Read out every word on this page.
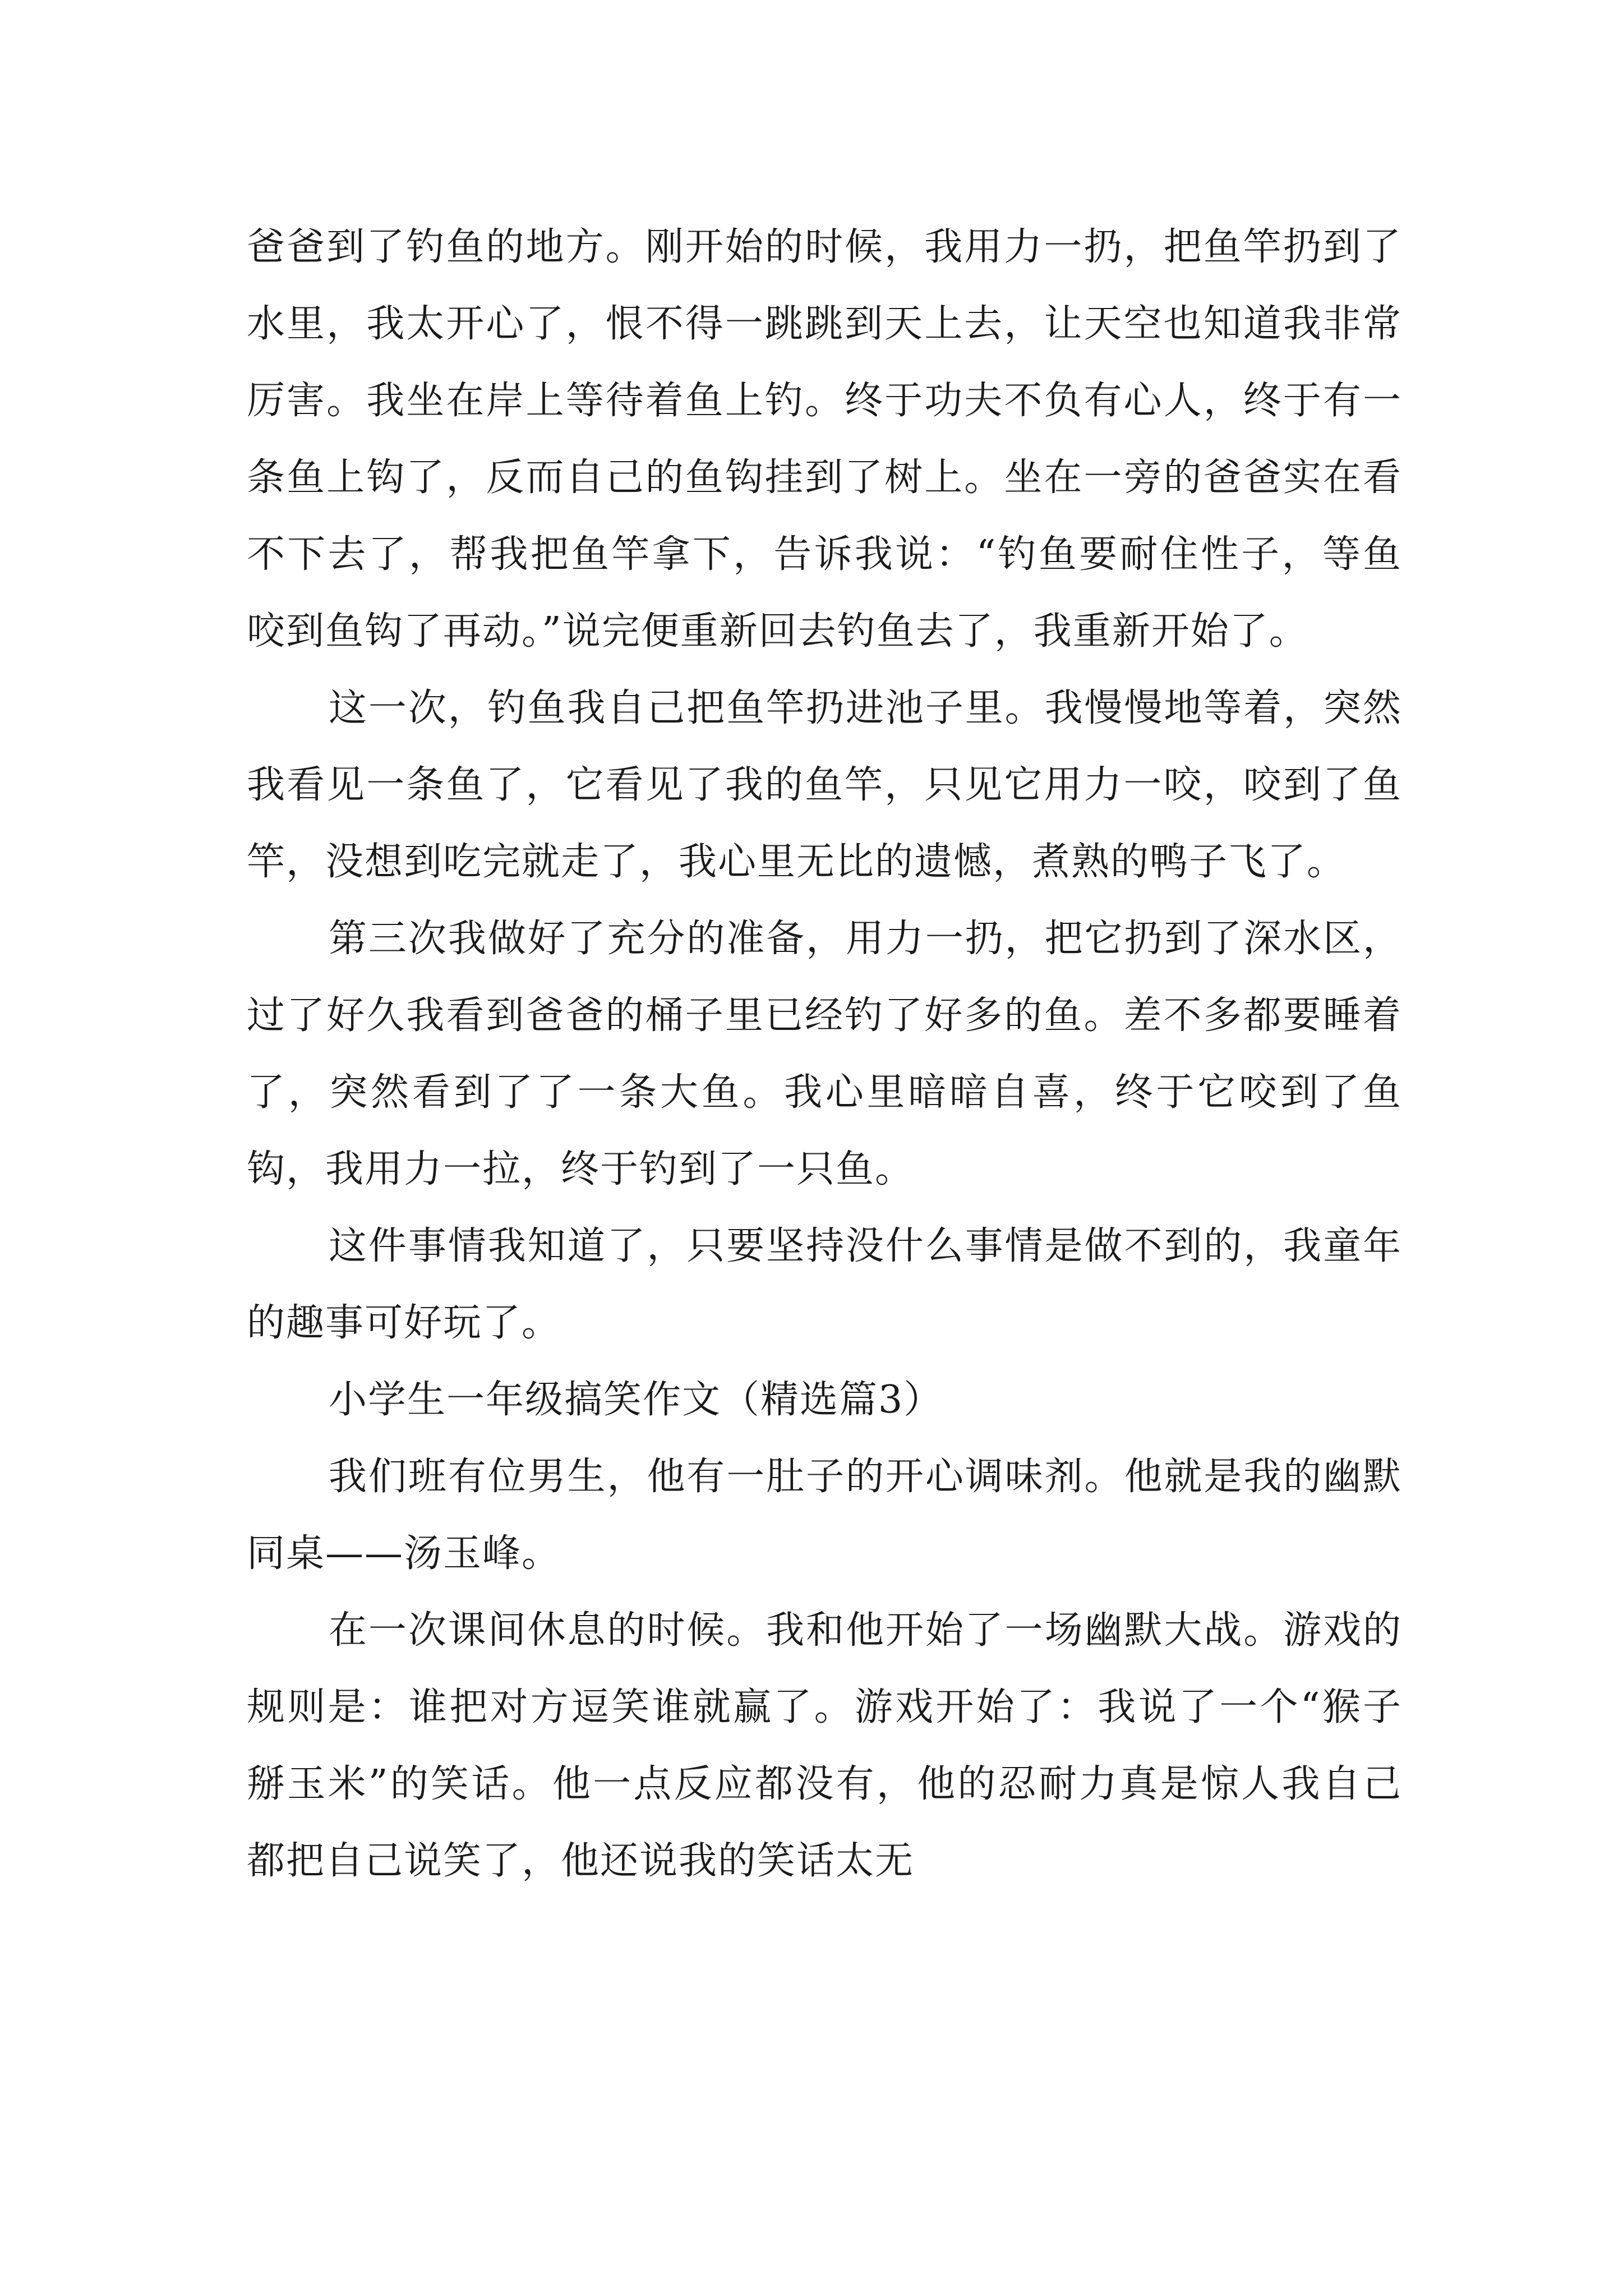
爸爸到了钓鱼的地方。刚开始的时候，我用力一扔，把鱼竿扔到了水里，我太开心了，恨不得一跳跳到天上去，让天空也知道我非常厉害。我坐在岸上等待着鱼上钓。终于功夫不负有心人，终于有一条鱼上钩了，反而自己的鱼钩挂到了树上。坐在一旁的爸爸实在看不下去了，帮我把鱼竿拿下，告诉我说：“钓鱼要耐住性子，等鱼咬到鱼钩了再动。”说完便重新回去钓鱼去了，我重新开始了。

这一次，钓鱼我自己把鱼竿扔进池子里。我慢慢地等着，突然我看见一条鱼了，它看见了我的鱼竿，只见它用力一咬，咬到了鱼竿，没想到吃完就走了，我心里无比的遗憾，煮熟的鸭子飞了。

第三次我做好了充分的准备，用力一扔，把它扔到了深水区，过了好久我看到爸爸的桶子里已经钓了好多的鱼。差不多都要睡着了，突然看到了了一条大鱼。我心里暗暗自喜，终于它咬到了鱼钩，我用力一拉，终于钓到了一只鱼。

这件事情我知道了，只要坚持没什么事情是做不到的，我童年的趣事可好玩了。

小学生一年级搞笑作文（精选篇3）

我们班有位男生，他有一肚子的开心调味剂。他就是我的幽默同桌——汤玉峰。

在一次课间休息的时候。我和他开始了一场幽默大战。游戏的规则是：谁把对方逗笑谁就赢了。游戏开始了：我说了一个“猴子掰玉米”的笑话。他一点反应都没有，他的忍耐力真是惊人我自己都把自己说笑了，他还说我的笑话太无
